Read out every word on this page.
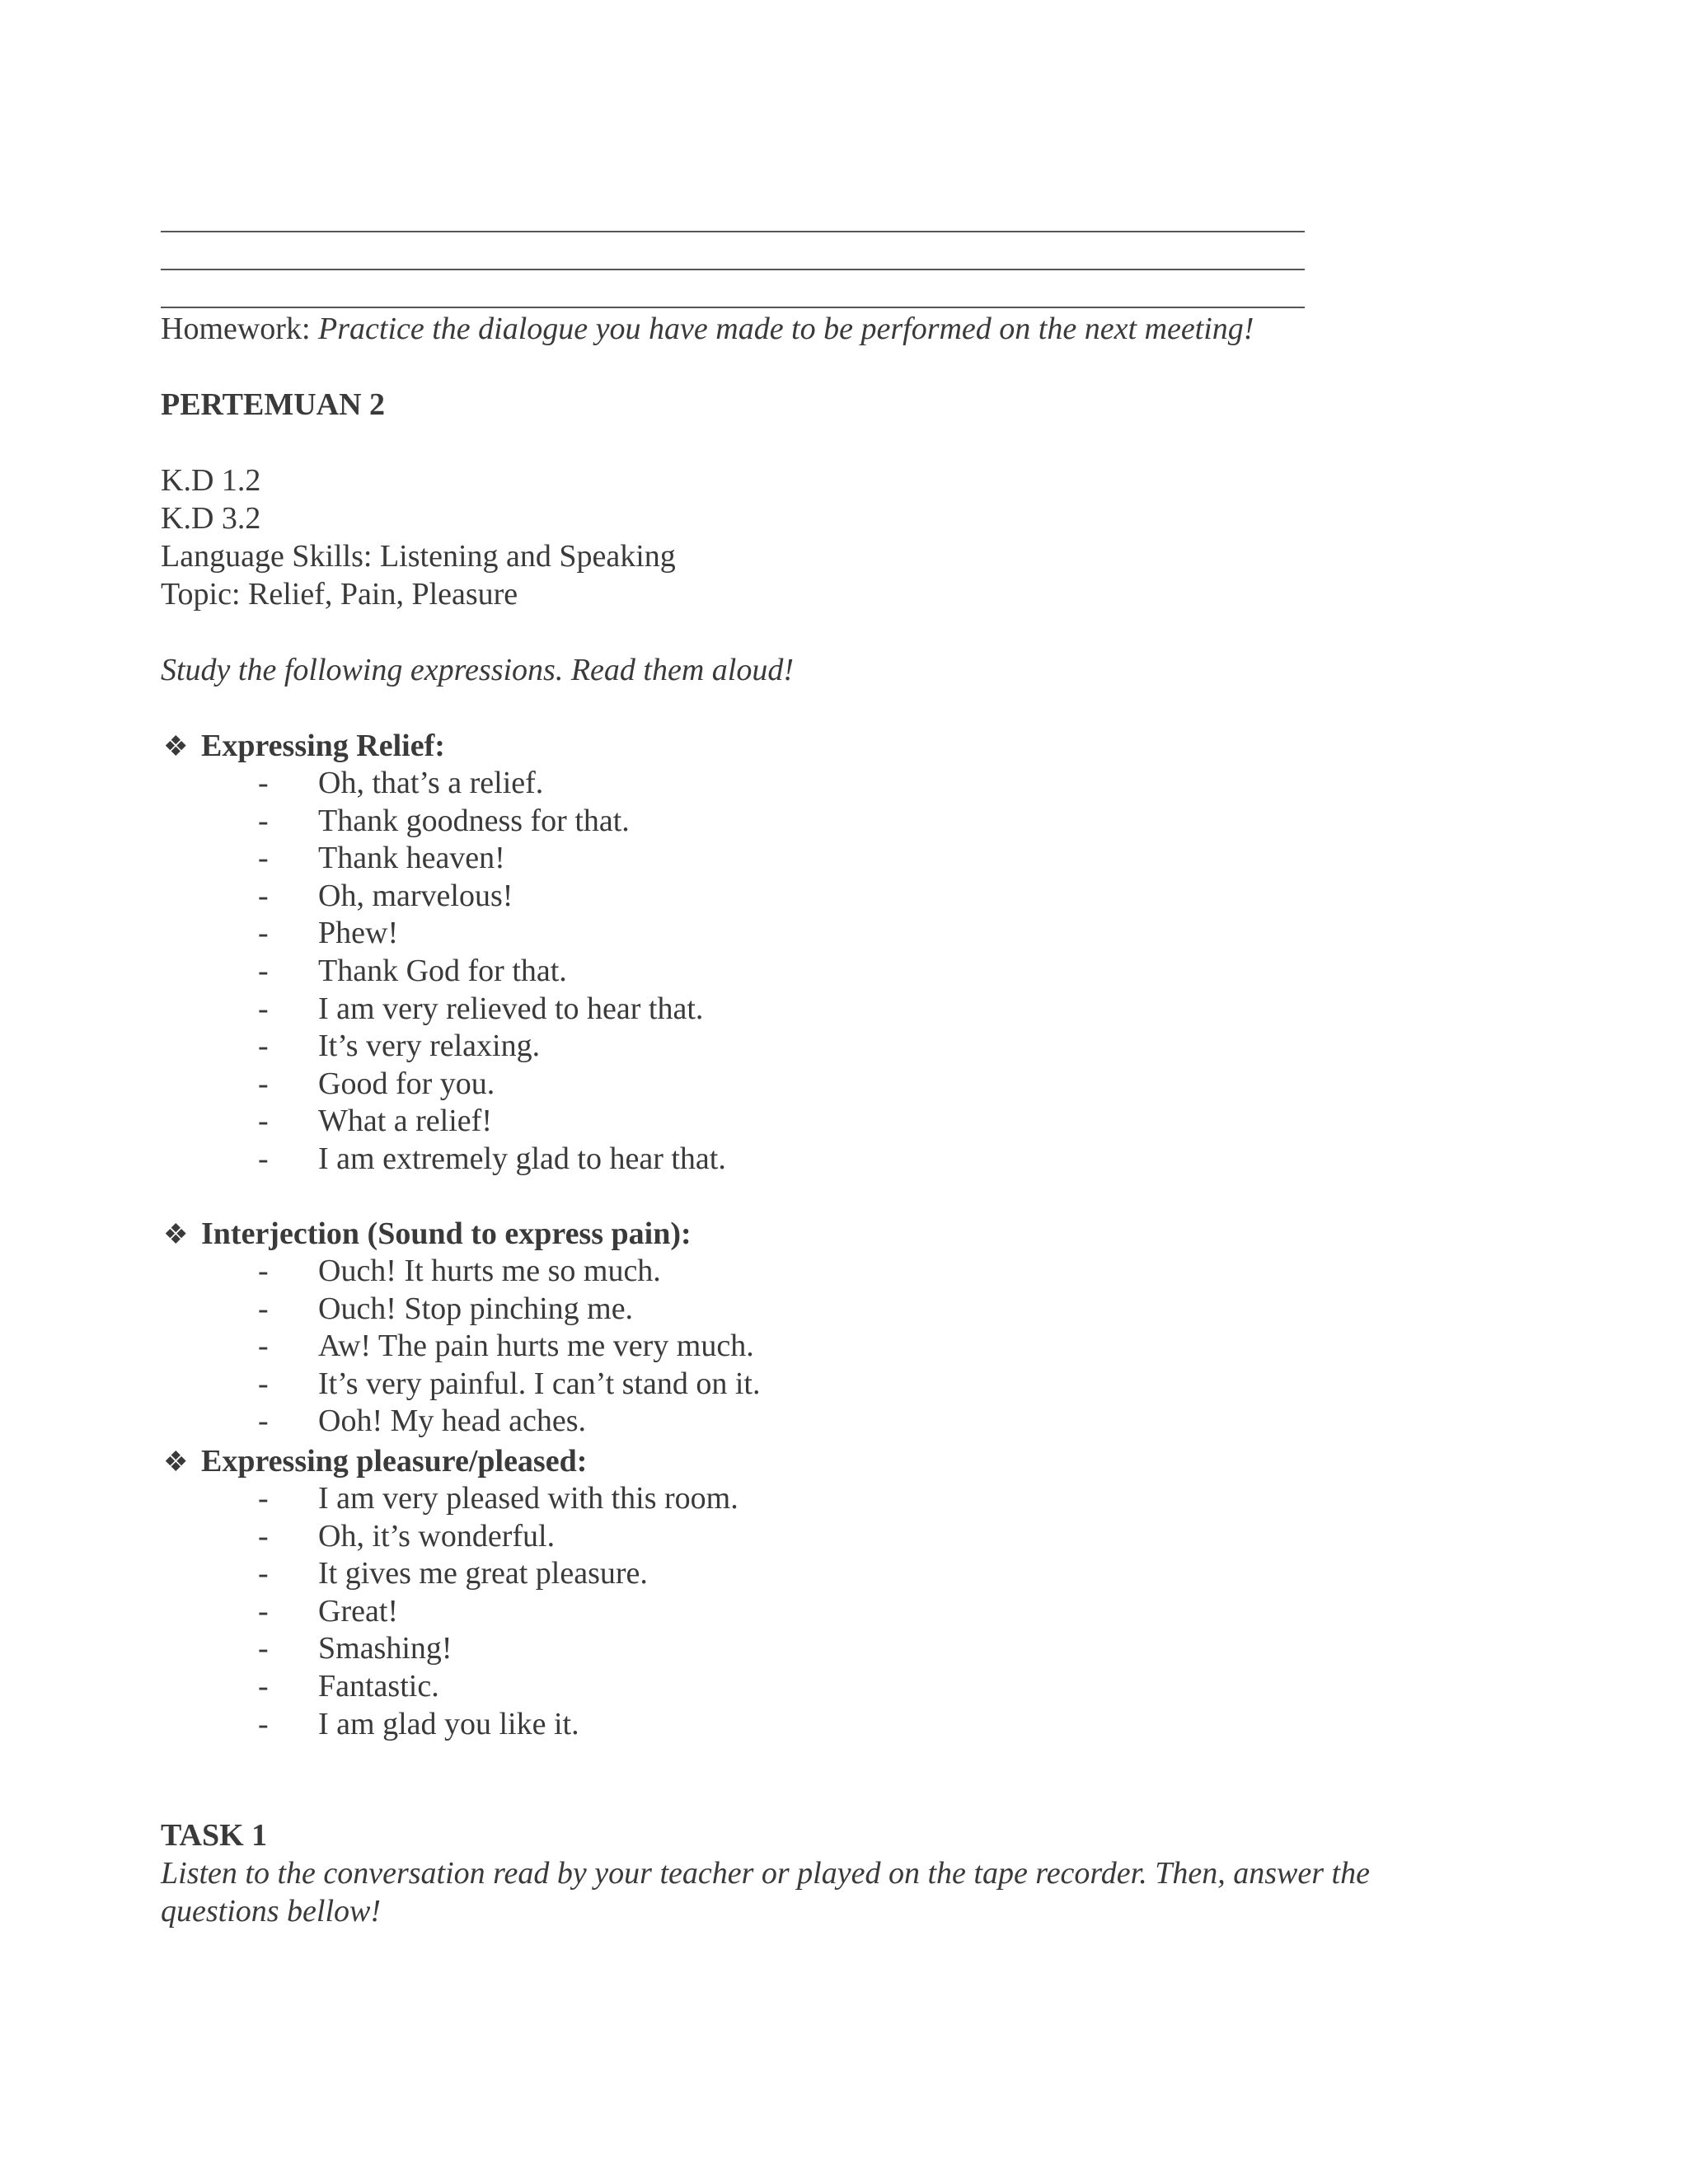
Homework: Practice the dialogue you have made to be performed on the next meeting!
PERTEMUAN 2
K.D 1.2
K.D 3.2
Language Skills: Listening and Speaking
Topic: Relief, Pain, Pleasure
Study the following expressions. Read them aloud!
❖ Expressing Relief:
- Oh, that’s a relief.
- Thank goodness for that.
- Thank heaven!
- Oh, marvelous!
- Phew!
- Thank God for that.
- I am very relieved to hear that.
- It’s very relaxing.
- Good for you.
- What a relief!
- I am extremely glad to hear that.
❖ Interjection (Sound to express pain):
- Ouch! It hurts me so much.
- Ouch! Stop pinching me.
- Aw! The pain hurts me very much.
- It’s very painful. I can’t stand on it.
- Ooh! My head aches.
❖ Expressing pleasure/pleased:
- I am very pleased with this room.
- Oh, it’s wonderful.
- It gives me great pleasure.
- Great!
- Smashing!
- Fantastic.
- I am glad you like it.
TASK 1
Listen to the conversation read by your teacher or played on the tape recorder. Then, answer the
questions bellow!
